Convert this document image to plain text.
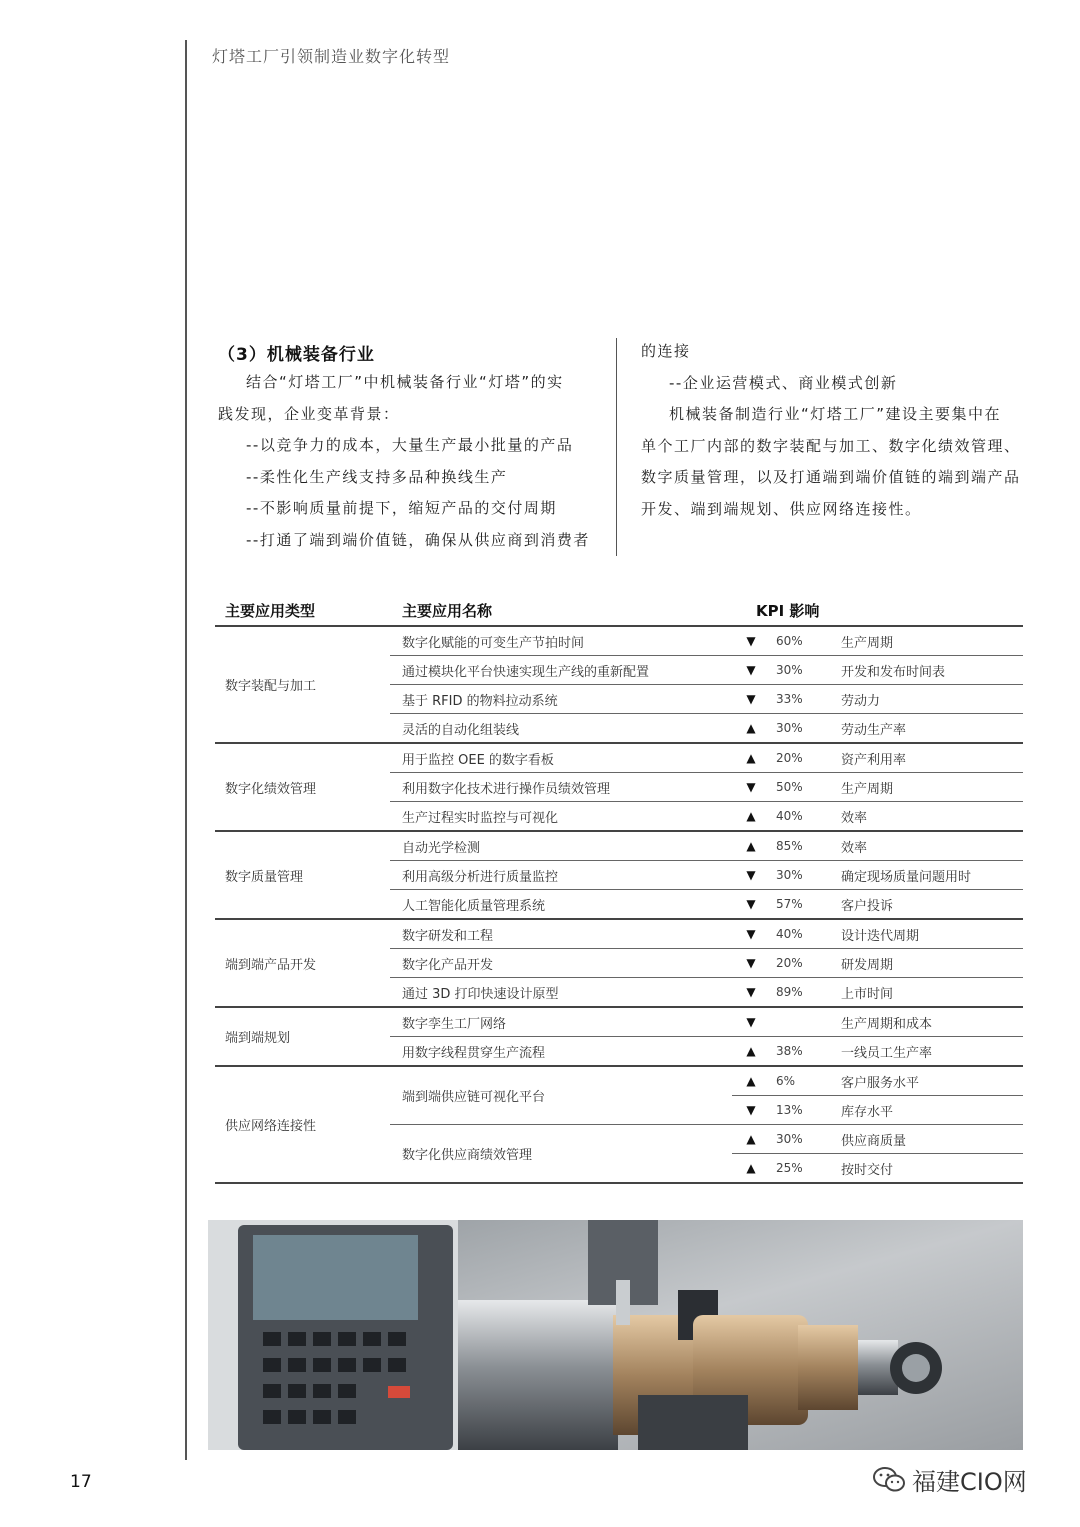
灯塔工厂引领制造业数字化转型
（3）机械装备行业
结合“灯塔工厂”中机械装备行业“灯塔”的实
践发现，企业变革背景：
--以竞争力的成本，大量生产最小批量的产品
--柔性化生产线支持多品种换线生产
--不影响质量前提下，缩短产品的交付周期
--打通了端到端价值链，确保从供应商到消费者
的连接
--企业运营模式、商业模式创新
机械装备制造行业“灯塔工厂”建设主要集中在
单个工厂内部的数字装配与加工、数字化绩效管理、
数字质量管理，以及打通端到端价值链的端到端产品
开发、端到端规划、供应网络连接性。
主要应用类型	主要应用名称	KPI 影响		
数字装配与加工	数字化赋能的可变生产节拍时间	▼	60%	生产周期
	通过模块化平台快速实现生产线的重新配置	▼	30%	开发和发布时间表
	基于 RFID 的物料拉动系统	▼	33%	劳动力
	灵活的自动化组装线	▲	30%	劳动生产率
数字化绩效管理	用于监控 OEE 的数字看板	▲	20%	资产利用率
	利用数字化技术进行操作员绩效管理	▼	50%	生产周期
	生产过程实时监控与可视化	▲	40%	效率
数字质量管理	自动光学检测	▲	85%	效率
	利用高级分析进行质量监控	▼	30%	确定现场质量问题用时
	人工智能化质量管理系统	▼	57%	客户投诉
端到端产品开发	数字研发和工程	▼	40%	设计迭代周期
	数字化产品开发	▼	20%	研发周期
	通过 3D 打印快速设计原型	▼	89%	上市时间
端到端规划	数字孪生工厂网络	▼		生产周期和成本
	用数字线程贯穿生产流程	▲	38%	一线员工生产率
供应网络连接性	端到端供应链可视化平台	▲	6%	客户服务水平
		▼	13%	库存水平
	数字化供应商绩效管理	▲	30%	供应商质量
		▲	25%	按时交付
17	福建CIO网
